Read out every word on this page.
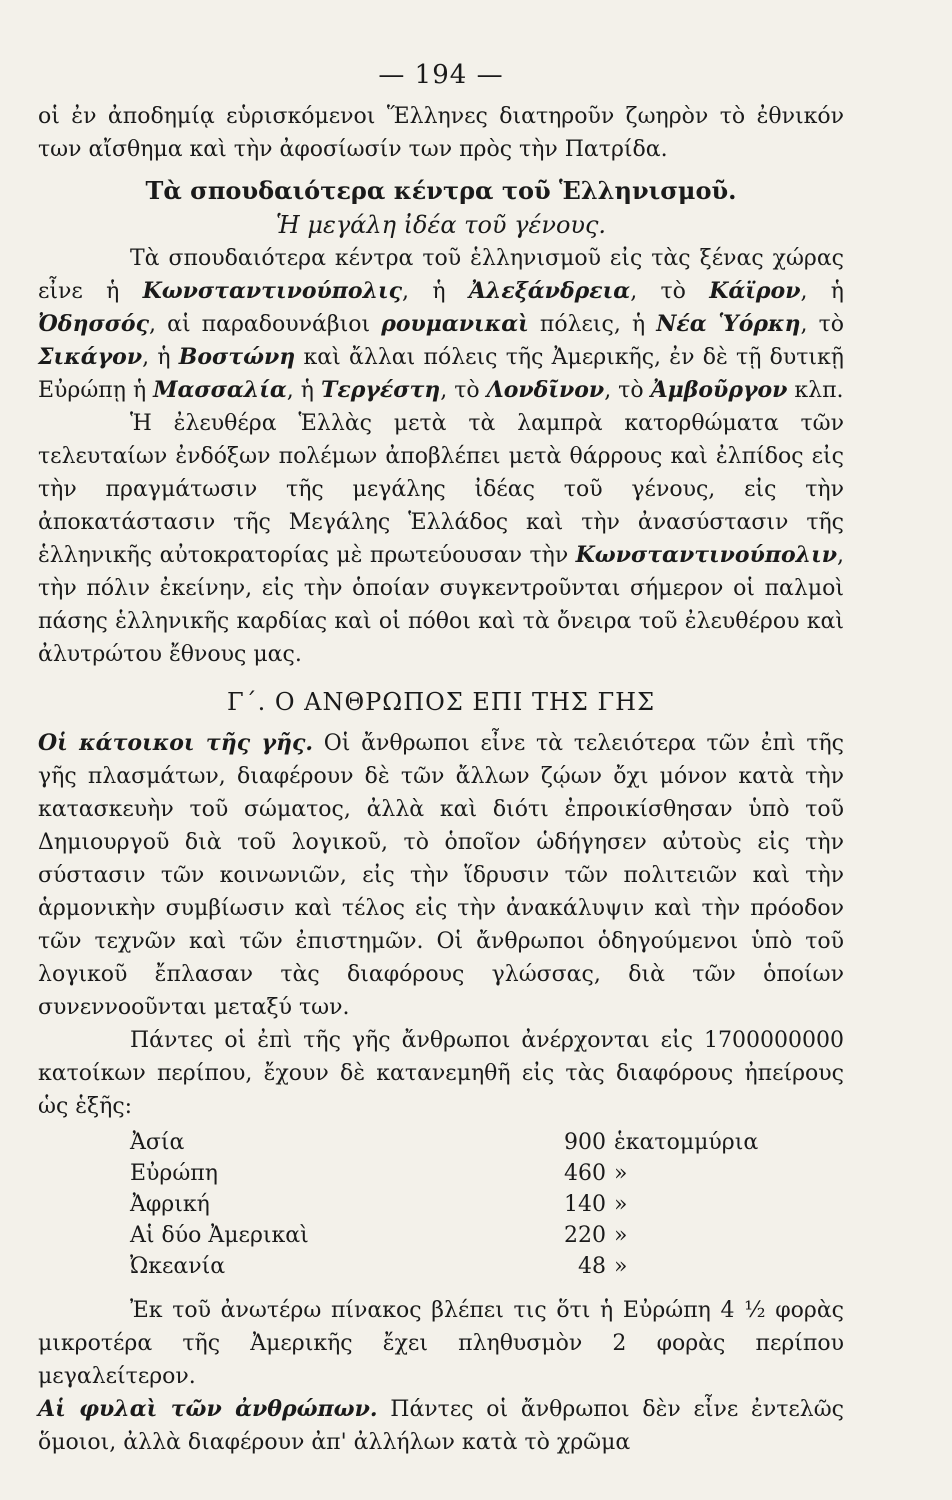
— 194 —

οἱ ἐν ἀποδημίᾳ εὑρισκόμενοι Ἕλληνες διατηροῦν ζωηρὸν τὸ ἐθνικόν των αἴσθημα καὶ τὴν ἀφοσίωσίν των πρὸς τὴν Πατρίδα.

Τὰ σπουδαιότερα κέντρα τοῦ Ἑλληνισμοῦ.
Ἡ μεγάλη ἰδέα τοῦ γένους.

Τὰ σπουδαιότερα κέντρα τοῦ ἑλληνισμοῦ εἰς τὰς ξένας χώρας εἶνε ἡ Κωνσταντινούπολις, ἡ Ἀλεξάνδρεια, τὸ Κάϊρον, ἡ Ὀδησσός, αἱ παραδουνάβιοι ρουμανικαὶ πόλεις, ἡ Νέα Ὑόρκη, τὸ Σικάγον, ἡ Βοστώνη καὶ ἄλλαι πόλεις τῆς Ἀμερικῆς, ἐν δὲ τῇ δυτικῇ Εὐρώπῃ ἡ Μασσαλία, ἡ Τεργέστη, τὸ Λονδῖνον, τὸ Ἀμβοῦργον κλπ.

Ἡ ἐλευθέρα Ἑλλὰς μετὰ τὰ λαμπρὰ κατορθώματα τῶν τελευταίων ἐνδόξων πολέμων ἀποβλέπει μετὰ θάρρους καὶ ἐλπίδος εἰς τὴν πραγμάτωσιν τῆς μεγάλης ἰδέας τοῦ γένους, εἰς τὴν ἀποκατάστασιν τῆς Μεγάλης Ἑλλάδος καὶ τὴν ἀνασύστασιν τῆς ἑλληνικῆς αὐτοκρατορίας μὲ πρωτεύουσαν τὴν Κωνσταντινούπολιν, τὴν πόλιν ἐκείνην, εἰς τὴν ὁποίαν συγκεντροῦνται σήμερον οἱ παλμοὶ πάσης ἑλληνικῆς καρδίας καὶ οἱ πόθοι καὶ τὰ ὄνειρα τοῦ ἐλευθέρου καὶ ἀλυτρώτου ἔθνους μας.

Γ΄. Ο ΑΝΘΡΩΠΟΣ ΕΠΙ ΤΗΣ ΓΗΣ

Οἱ κάτοικοι τῆς γῆς. Οἱ ἄνθρωποι εἶνε τὰ τελειότερα τῶν ἐπὶ τῆς γῆς πλασμάτων, διαφέρουν δὲ τῶν ἄλλων ζῴων ὄχι μόνον κατὰ τὴν κατασκευὴν τοῦ σώματος, ἀλλὰ καὶ διότι ἐπροικίσθησαν ὑπὸ τοῦ Δημιουργοῦ διὰ τοῦ λογικοῦ, τὸ ὁποῖον ὡδήγησεν αὐτοὺς εἰς τὴν σύστασιν τῶν κοινωνιῶν, εἰς τὴν ἵδρυσιν τῶν πολιτειῶν καὶ τὴν ἁρμονικὴν συμβίωσιν καὶ τέλος εἰς τὴν ἀνακάλυψιν καὶ τὴν πρόοδον τῶν τεχνῶν καὶ τῶν ἐπιστημῶν. Οἱ ἄνθρωποι ὁδηγούμενοι ὑπὸ τοῦ λογικοῦ ἔπλασαν τὰς διαφόρους γλώσσας, διὰ τῶν ὁποίων συνεννοοῦνται μεταξύ των.

Πάντες οἱ ἐπὶ τῆς γῆς ἄνθρωποι ἀνέρχονται εἰς 1700000000 κατοίκων περίπου, ἔχουν δὲ κατανεμηθῆ εἰς τὰς διαφόρους ἠπείρους ὡς ἑξῆς:

Ἀσία	900	ἑκατομμύρια
Εὐρώπη	460	»
Ἀφρική	140	»
Αἱ δύο Ἀμερικαὶ	220	»
Ὠκεανία	48	»

Ἐκ τοῦ ἀνωτέρω πίνακος βλέπει τις ὅτι ἡ Εὐρώπη 4 ½ φορὰς μικροτέρα τῆς Ἀμερικῆς ἔχει πληθυσμὸν 2 φορὰς περίπου μεγαλείτερον.

Αἱ φυλαὶ τῶν ἀνθρώπων. Πάντες οἱ ἄνθρωποι δὲν εἶνε ἐντελῶς ὅμοιοι, ἀλλὰ διαφέρουν ἀπ' ἀλλήλων κατὰ τὸ χρῶμα
